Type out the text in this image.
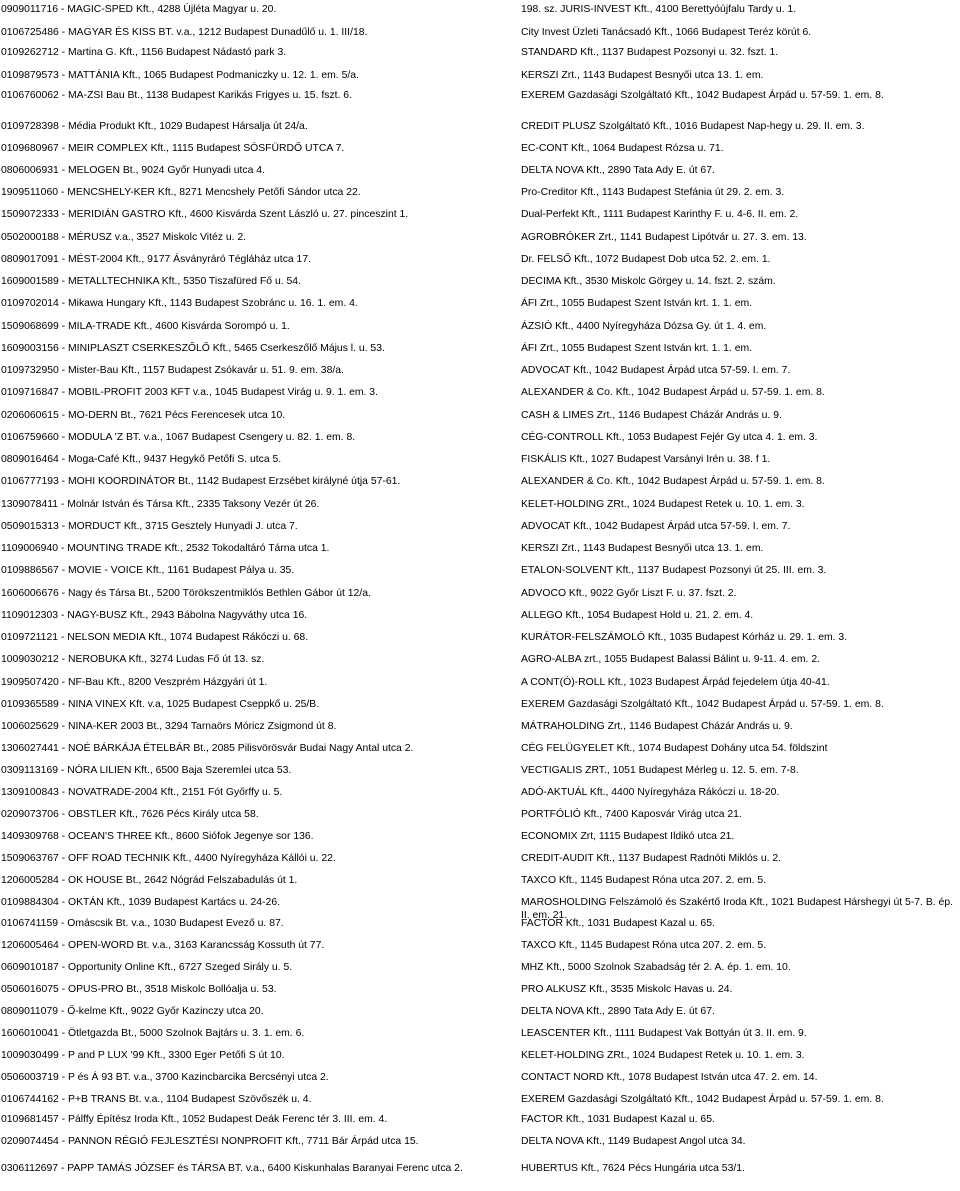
0909011716 - MAGIC-SPED Kft., 4288 Újléta Magyar u. 20.	198. sz. JURIS-INVEST Kft., 4100 Berettyóújfalu Tardy u. 1.
0106725486 - MAGYAR ÉS KISS BT. v.a., 1212 Budapest Dunadűlő u. 1. III/18.	City Invest Üzleti Tanácsadó Kft., 1066 Budapest Teréz körút 6.
0109262712 - Martina G. Kft., 1156 Budapest Nádastó park 3.	STANDARD Kft., 1137 Budapest Pozsonyi u. 32. fszt. 1.
0109879573 - MATTÁNIA Kft., 1065 Budapest Podmaniczky u. 12. 1. em. 5/a.	KERSZI Zrt., 1143 Budapest Besnyői utca 13. 1. em.
0106760062 - MA-ZSI Bau Bt., 1138 Budapest Karikás Frigyes u. 15. fszt. 6.	EXEREM Gazdasági Szolgáltató Kft., 1042 Budapest Árpád u. 57-59. 1. em. 8.
0109728398 - Média Produkt Kft., 1029 Budapest Hársalja út 24/a.	CREDIT PLUSZ Szolgáltató Kft., 1016 Budapest Nap-hegy u. 29. II. em. 3.
0109680967 - MEIR COMPLEX Kft., 1115 Budapest SÓSFÜRDŐ UTCA 7.	EC-CONT Kft., 1064 Budapest Rózsa u. 71.
0806006931 - MELOGEN Bt., 9024 Győr Hunyadi utca 4.	DELTA NOVA Kft., 2890 Tata Ady E. út 67.
1909511060 - MENCSHELY-KER Kft., 8271 Mencshely Petőfi Sándor utca 22.	Pro-Creditor Kft., 1143 Budapest Stefánia út 29. 2. em. 3.
1509072333 - MERIDIÁN GASTRO Kft., 4600 Kisvárda Szent László u. 27. pinceszint 1.	Dual-Perfekt Kft., 1111 Budapest Karinthy F. u. 4-6. II. em. 2.
0502000188 - MÉRUSZ v.a., 3527 Miskolc Vitéz u. 2.	AGROBRÓKER Zrt., 1141 Budapest Lipótvár u. 27. 3. em. 13.
0809017091 - MÉST-2004 Kft., 9177 Ásványráró Tégláház utca 17.	Dr. FELSŐ Kft., 1072 Budapest Dob utca 52. 2. em. 1.
1609001589 - METALLTECHNIKA Kft., 5350 Tiszafüred Fő u. 54.	DECIMA Kft., 3530 Miskolc Görgey u. 14. fszt. 2. szám.
0109702014 - Mikawa Hungary Kft., 1143 Budapest Szobránc u. 16. 1. em. 4.	ÁFI Zrt., 1055 Budapest Szent István krt. 1. 1. em.
1509068699 - MILA-TRADE Kft., 4600 Kisvárda Sorompó u. 1.	ÁZSIÓ Kft., 4400 Nyíregyháza Dózsa Gy. út 1. 4. em.
1609003156 - MINIPLASZT CSERKESZŐLŐ Kft., 5465 Cserkeszőlő Május l. u. 53.	ÁFI Zrt., 1055 Budapest Szent István krt. 1. 1. em.
0109732950 - Mister-Bau Kft., 1157 Budapest Zsókavár u. 51. 9. em. 38/a.	ADVOCAT Kft., 1042 Budapest Árpád utca 57-59. I. em. 7.
0109716847 - MOBIL-PROFIT 2003 KFT v.a., 1045 Budapest Virág u. 9. 1. em. 3.	ALEXANDER & Co. Kft., 1042 Budapest Árpád u. 57-59. 1. em. 8.
0206060615 - MO-DERN Bt., 7621 Pécs Ferencesek utca 10.	CASH & LIMES Zrt., 1146 Budapest Cházár András u. 9.
0106759660 - MODULA 'Z BT. v.a., 1067 Budapest Csengery u. 82. 1. em. 8.	CÉG-CONTROLL Kft., 1053 Budapest Fejér Gy utca 4. 1. em. 3.
0809016464 - Moga-Café Kft., 9437 Hegykő Petőfi S. utca 5.	FISKÁLIS Kft., 1027 Budapest Varsányi Irén u. 38. f 1.
0106777193 - MOHI KOORDINÁTOR Bt., 1142 Budapest Erzsébet királyné útja 57-61.	ALEXANDER & Co. Kft., 1042 Budapest Árpád u. 57-59. 1. em. 8.
1309078411 - Molnár István és Társa Kft., 2335 Taksony Vezér út 26.	KELET-HOLDING ZRt., 1024 Budapest Retek u. 10. 1. em. 3.
0509015313 - MORDUCT Kft., 3715 Gesztely Hunyadi J. utca 7.	ADVOCAT Kft., 1042 Budapest Árpád utca 57-59. I. em. 7.
1109006940 - MOUNTING TRADE Kft., 2532 Tokodaltáró Tárna utca 1.	KERSZI Zrt., 1143 Budapest Besnyői utca 13. 1. em.
0109886567 - MOVIE - VOICE Kft., 1161 Budapest Pálya u. 35.	ETALON-SOLVENT Kft., 1137 Budapest Pozsonyi út 25. III. em. 3.
1606006676 - Nagy és Társa Bt., 5200 Törökszentmiklós Bethlen Gábor út 12/a.	ADVOCO Kft., 9022 Győr Liszt F. u. 37. fszt. 2.
1109012303 - NAGY-BUSZ Kft., 2943 Bábolna Nagyváthy utca 16.	ALLEGO Kft., 1054 Budapest Hold u. 21. 2. em. 4.
0109721121 - NELSON MEDIA Kft., 1074 Budapest Rákóczi u. 68.	KURÁTOR-FELSZÁMOLÓ Kft., 1035 Budapest Kórház u. 29. 1. em. 3.
1009030212 - NEROBUKA Kft., 3274 Ludas Fő út 13. sz.	AGRO-ALBA zrt., 1055 Budapest Balassi Bálint u. 9-11. 4. em. 2.
1909507420 - NF-Bau Kft., 8200 Veszprém Házgyári út 1.	A CONT(Ó)-ROLL Kft., 1023 Budapest Árpád fejedelem útja 40-41.
0109365589 - NINA VINEX Kft. v.a, 1025 Budapest Cseppkő u. 25/B.	EXEREM Gazdasági Szolgáltató Kft., 1042 Budapest Árpád u. 57-59. 1. em. 8.
1006025629 - NINA-KER 2003 Bt., 3294 Tarnaörs Móricz Zsigmond út 8.	MÁTRAHOLDING Zrt., 1146 Budapest Cházár András u. 9.
1306027441 - NOÉ BÁRKÁJA ÉTELBÁR Bt., 2085 Pilisvörösvár Budai Nagy Antal utca 2.	CÉG FELÜGYELET Kft., 1074 Budapest Dohány utca 54. földszint
0309113169 - NÓRA LILIEN Kft., 6500 Baja Szeremlei utca 53.	VECTIGALIS ZRT., 1051 Budapest Mérleg u. 12. 5. em. 7-8.
1309100843 - NOVATRADE-2004 Kft., 2151 Fót Győrffy u. 5.	ADÓ-AKTUÁL Kft., 4400 Nyíregyháza Rákóczi u. 18-20.
0209073706 - OBSTLER Kft., 7626 Pécs Király utca 58.	PORTFÓLIÓ Kft., 7400 Kaposvár Virág utca 21.
1409309768 - OCEAN'S THREE Kft., 8600 Siófok Jegenye sor 136.	ECONOMIX Zrt, 1115 Budapest Ildikó utca 21.
1509063767 - OFF ROAD TECHNIK Kft., 4400 Nyíregyháza Kállói u. 22.	CREDIT-AUDIT Kft., 1137 Budapest Radnóti Miklós u. 2.
1206005284 - OK HOUSE Bt., 2642 Nógrád Felszabadulás út 1.	TAXCO Kft., 1145 Budapest Róna utca 207. 2. em. 5.
0109884304 - OKTÁN Kft., 1039 Budapest Kartács u. 24-26.	MAROSHOLDING Felszámoló és Szakértő Iroda Kft., 1021 Budapest Hárshegyi út 5-7. B. ép. II. em. 21.
0106741159 - Omáscsik Bt. v.a., 1030 Budapest Evező u. 87.	FACTOR Kft., 1031 Budapest Kazal u. 65.
1206005464 - OPEN-WORD Bt. v.a., 3163 Karancsság Kossuth út 77.	TAXCO Kft., 1145 Budapest Róna utca 207. 2. em. 5.
0609010187 - Opportunity Online Kft., 6727 Szeged Sirály u. 5.	MHZ Kft., 5000 Szolnok Szabadság tér 2. A. ép. 1. em. 10.
0506016075 - OPUS-PRO Bt., 3518 Miskolc Bollóalja u. 53.	PRO ALKUSZ Kft., 3535 Miskolc Havas u. 24.
0809011079 - Ő-kelme Kft., 9022 Győr Kazinczy utca 20.	DELTA NOVA Kft., 2890 Tata Ady E. út 67.
1606010041 - Ötletgazda Bt., 5000 Szolnok Bajtárs u. 3. 1. em. 6.	LEASCENTER Kft., 1111 Budapest Vak Bottyán út 3. II. em. 9.
1009030499 - P and P LUX '99 Kft., 3300 Eger Petőfi S út 10.	KELET-HOLDING ZRt., 1024 Budapest Retek u. 10. 1. em. 3.
0506003719 - P és Á 93 BT. v.a., 3700 Kazincbarcika Bercsényi utca 2.	CONTACT NORD Kft., 1078 Budapest István utca 47. 2. em. 14.
0106744162 - P+B TRANS Bt. v.a., 1104 Budapest Szövőszék u. 4.	EXEREM Gazdasági Szolgáltató Kft., 1042 Budapest Árpád u. 57-59. 1. em. 8.
0109681457 - Pálffy Építész Iroda Kft., 1052 Budapest Deák Ferenc tér 3. III. em. 4.	FACTOR Kft., 1031 Budapest Kazal u. 65.
0209074454 - PANNON RÉGIÓ FEJLESZTÉSI NONPROFIT Kft., 7711 Bár Árpád utca 15.	DELTA NOVA Kft., 1149 Budapest Angol utca 34.
0306112697 - PAPP TAMÁS JÓZSEF és TÁRSA BT. v.a., 6400 Kiskunhalas Baranyai Ferenc utca 2.	HUBERTUS Kft., 7624 Pécs Hungária utca 53/1.
